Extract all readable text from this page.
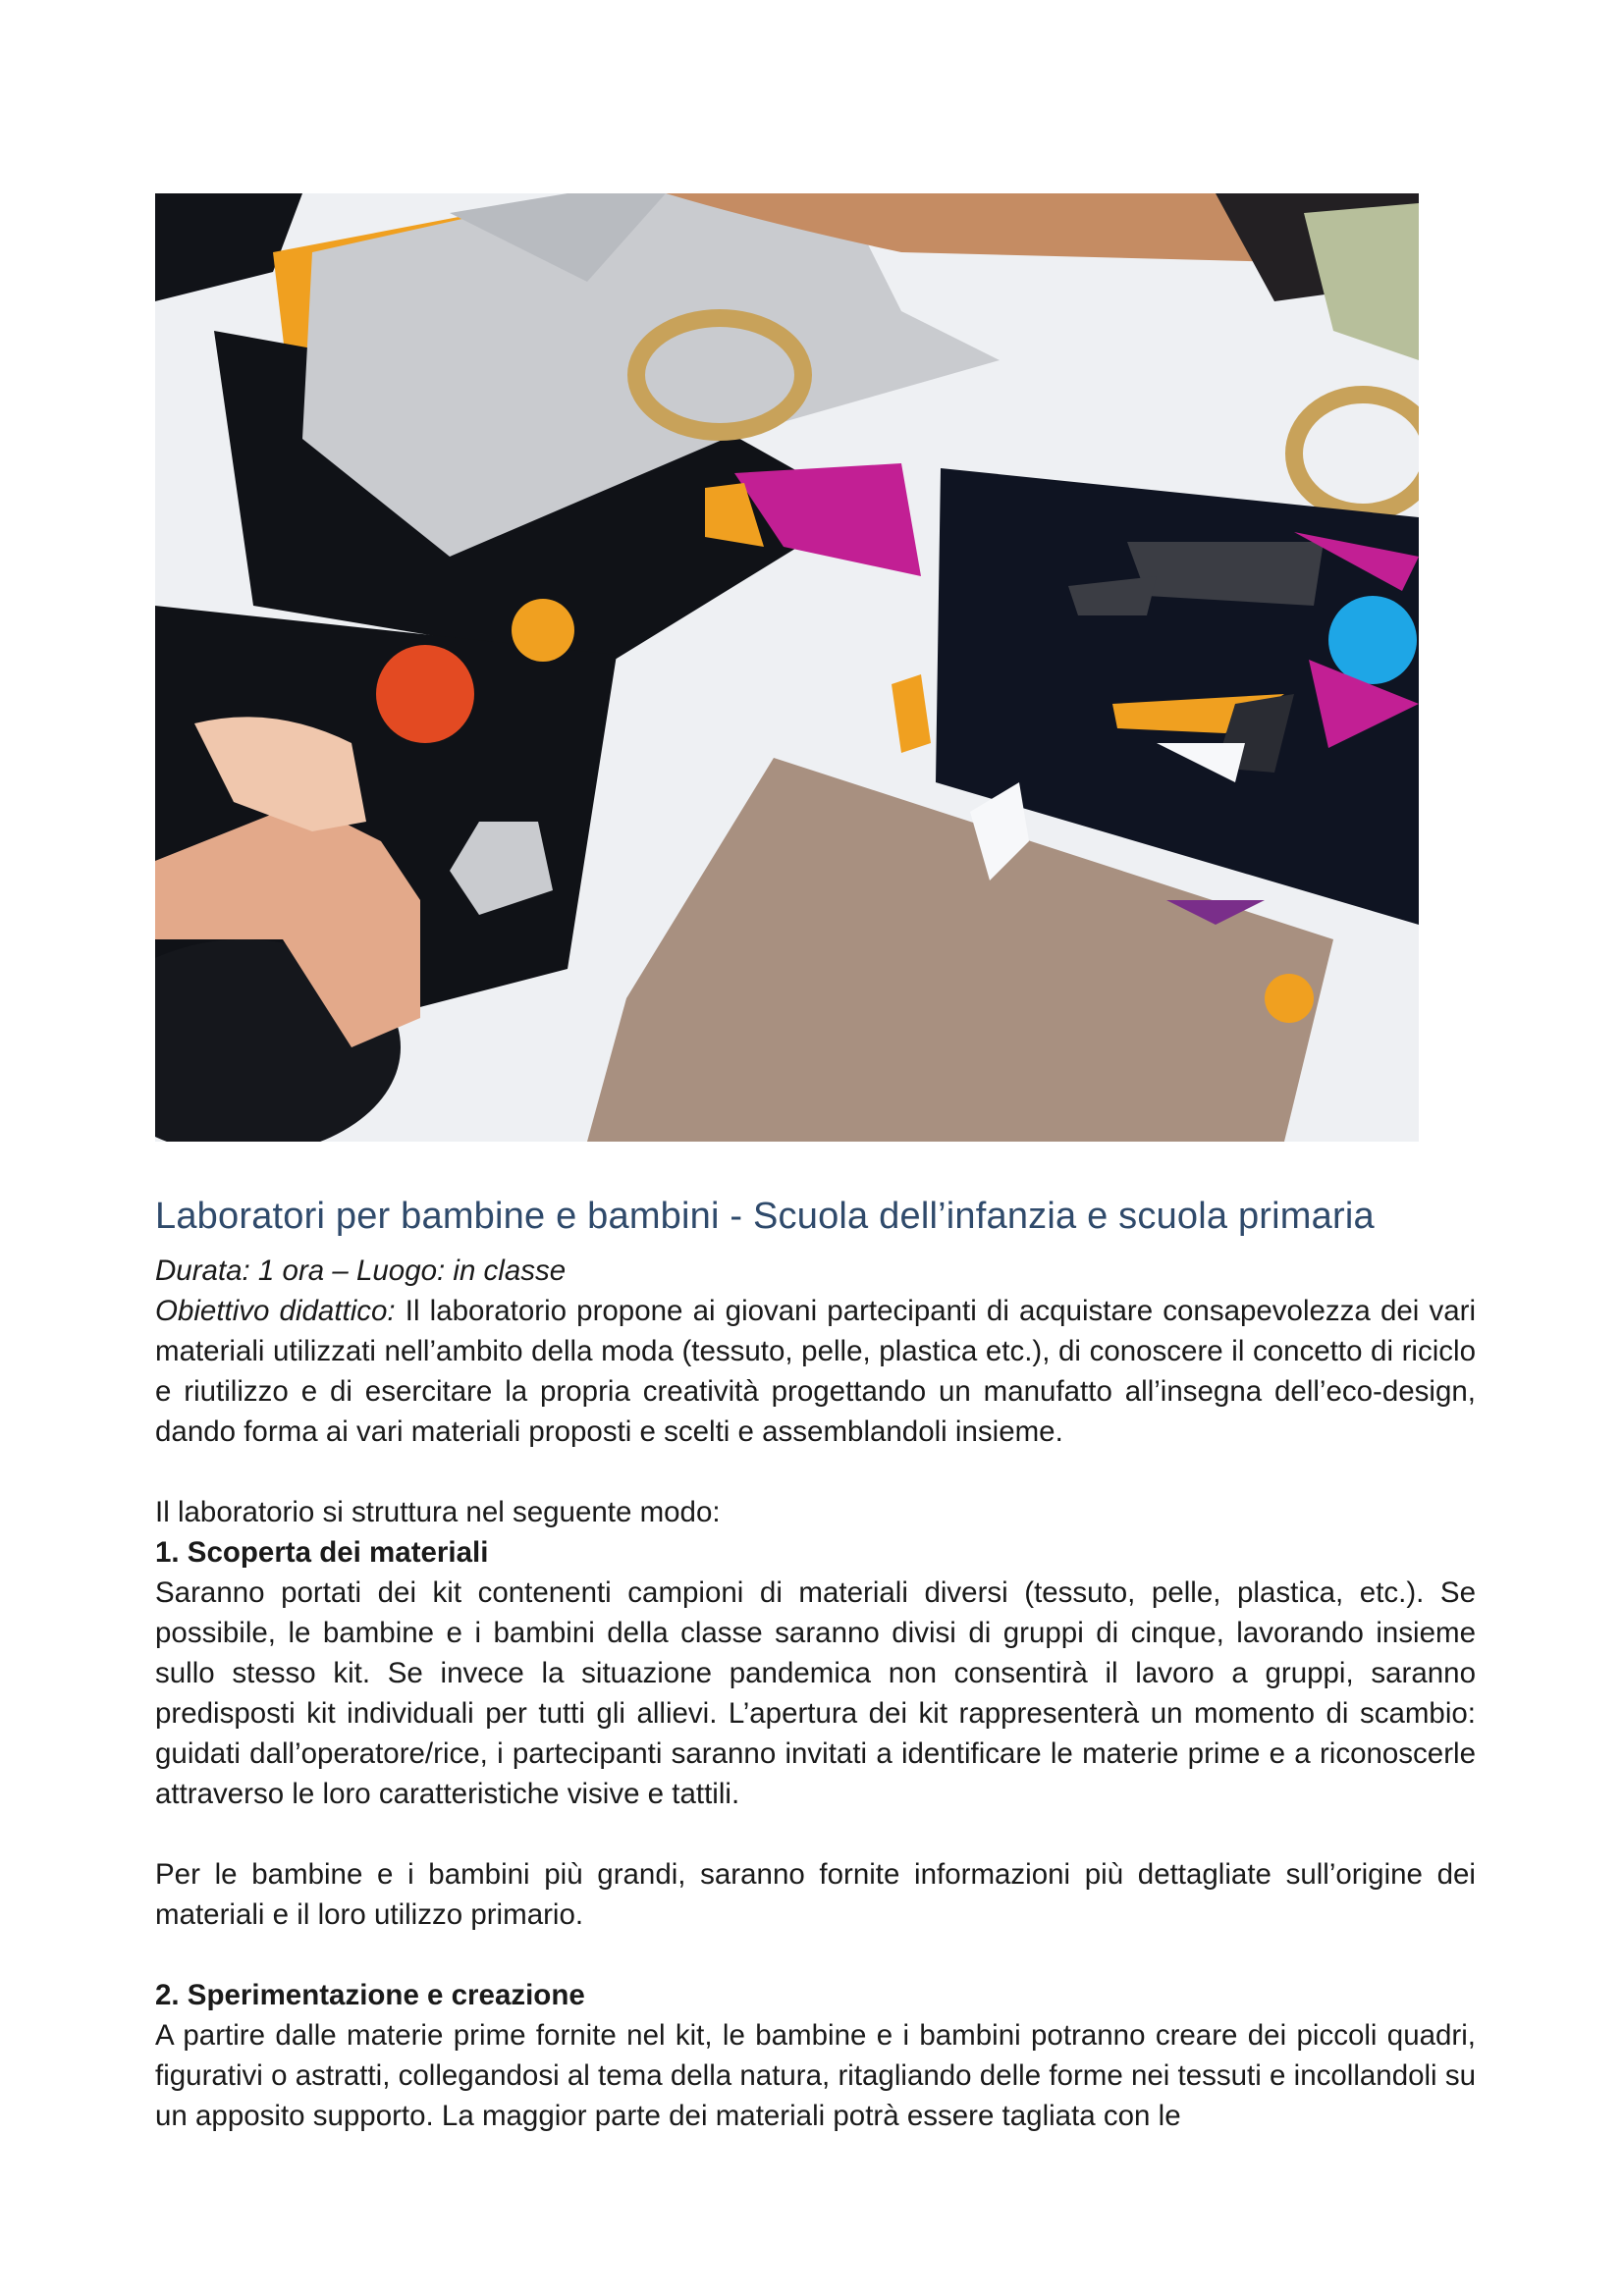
Laboratori per bambine e bambini - Scuola dell’infanzia e scuola primaria

Durata: 1 ora – Luogo: in classe

Obiettivo didattico: Il laboratorio propone ai giovani partecipanti di acquistare consapevolezza dei vari materiali utilizzati nell’ambito della moda (tessuto, pelle, plastica etc.), di conoscere il concetto di riciclo e riutilizzo e di esercitare la propria creatività progettando un manufatto all’insegna dell’eco-design, dando forma ai vari materiali proposti e scelti e assemblandoli insieme.

Il laboratorio si struttura nel seguente modo:

1. Scoperta dei materiali

Saranno portati dei kit contenenti campioni di materiali diversi (tessuto, pelle, plastica, etc.). Se possibile, le bambine e i bambini della classe saranno divisi di gruppi di cinque, lavorando insieme sullo stesso kit. Se invece la situazione pandemica non consentirà il lavoro a gruppi, saranno predisposti kit individuali per tutti gli allievi. L’apertura dei kit rappresenterà un momento di scambio: guidati dall’operatore/rice, i partecipanti saranno invitati a identificare le materie prime e a riconoscerle attraverso le loro caratteristiche visive e tattili.

Per le bambine e i bambini più grandi, saranno fornite informazioni più dettagliate sull’origine dei materiali e il loro utilizzo primario.

2. Sperimentazione e creazione

A partire dalle materie prime fornite nel kit, le bambine e i bambini potranno creare dei piccoli quadri, figurativi o astratti, collegandosi al tema della natura, ritagliando delle forme nei tessuti e incollandoli su un apposito supporto. La maggior parte dei materiali potrà essere tagliata con le
